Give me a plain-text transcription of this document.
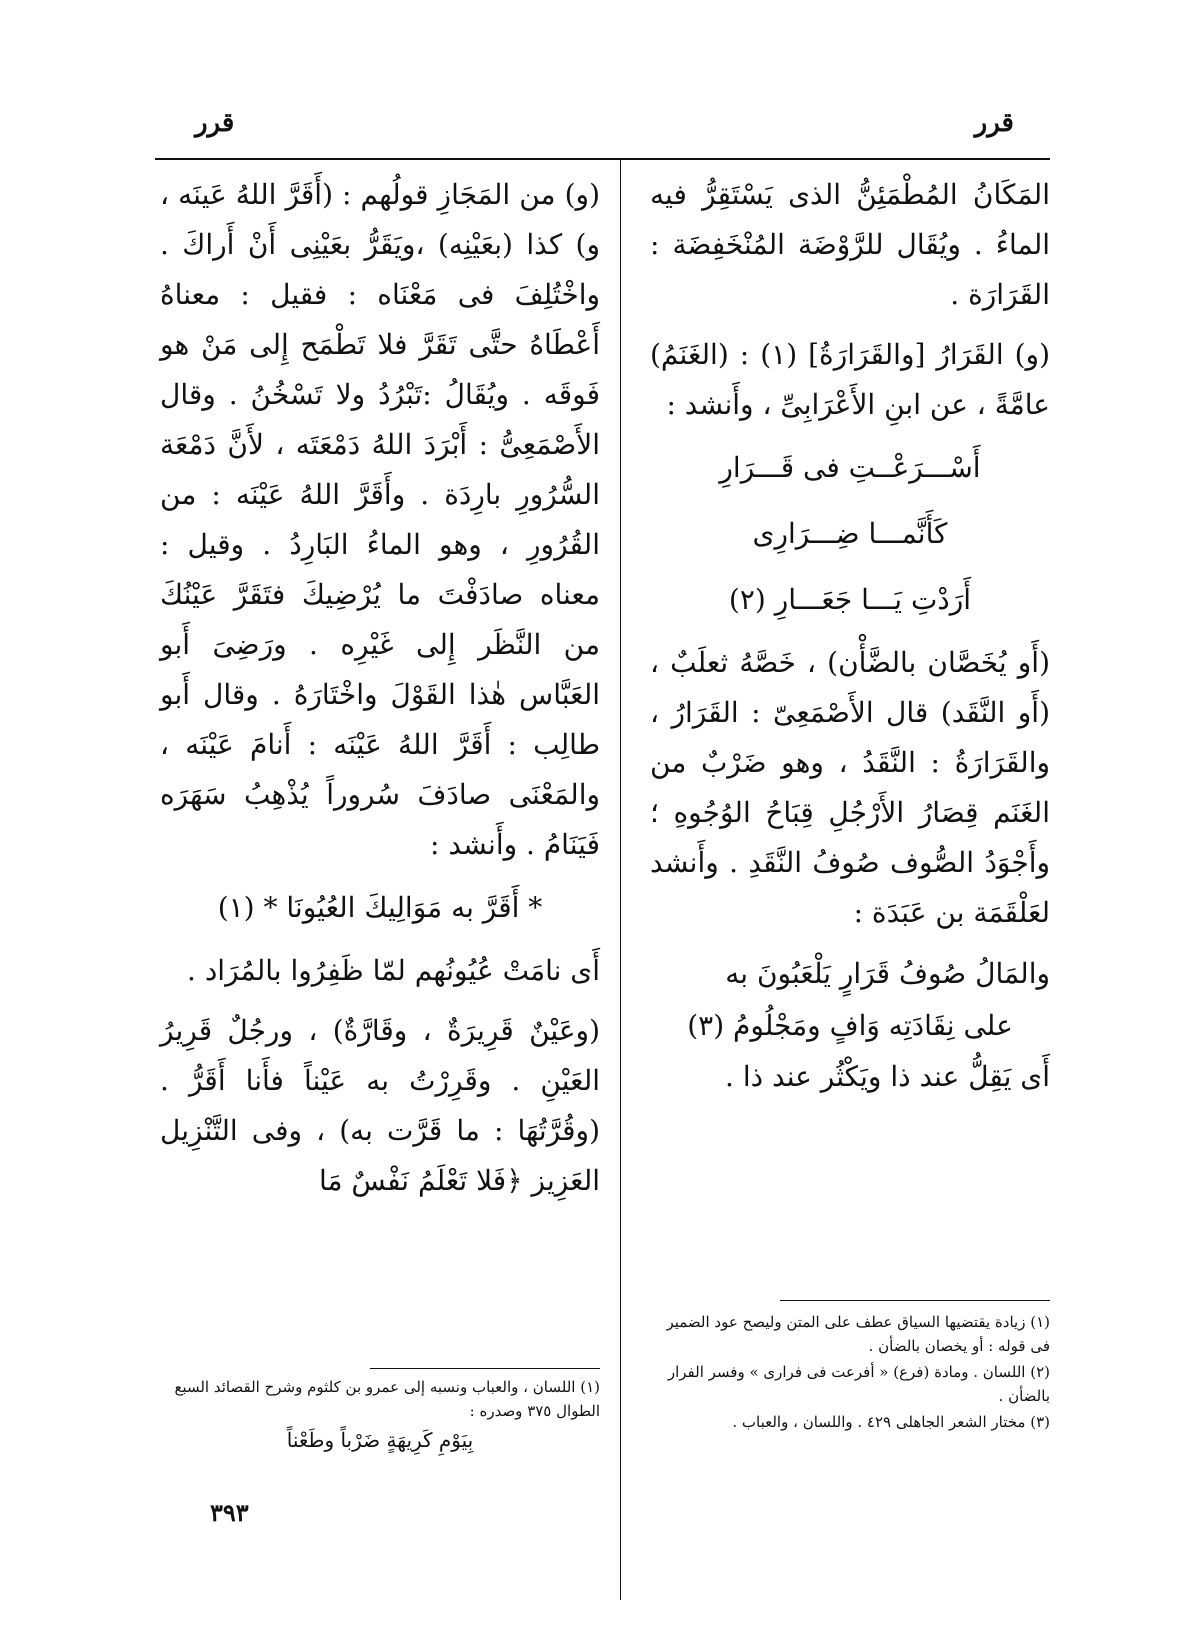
قرر
قرر

المَكَانُ المُطْمَئِنُّ الذى يَسْتَقِرُّ فيه الماءُ . ويُقَال للرَّوْضَة المُنْخَفِضَة : القَرَارَة .

(و) القَرَارُ [والقَرَارَةُ] (١) : (الغَنَمُ) عامَّةً ، عن ابنِ الأَعْرَابِىِّ ، وأَنشد :

أَسْـــرَعْــتِ فى قَـــرَارِ
كَأَنَّمـــا ضِـــرَارِى
أَرَدْتِ يَـــا جَعَـــارِ (٢)

(أَو يُخَصَّان بالضَّأْن) ، خَصَّهُ ثعلَبٌ ، (أَو النَّقَد) قال الأَصْمَعِىّ : القَرَارُ ، والقَرَارَةُ : النَّقَدُ ، وهو ضَرْبٌ من الغَنَم قِصَارُ الأَرْجُلِ قِبَاحُ الوُجُوهِ ؛ وأَجْوَدُ الصُّوف صُوفُ النَّقَدِ . وأَنشد لعَلْقَمَة بن عَبَدَة :

والمَالُ صُوفُ قَرَارٍ يَلْعَبُونَ به
على نِقَادَتِه وَافٍ ومَجْلُومُ (٣)

أَى يَقِلُّ عند ذا ويَكْثُر عند ذا .

(و) من المَجَازِ قولُهم : (أَقَرَّ اللهُ عَينَه ، و) كذا (بعَيْنِه) ،ويَقَرُّ بعَيْنِى أَنْ أَراكَ . واخْتُلِفَ فى مَعْنَاه : فقيل : معناهُ أَعْطَاهُ حتَّى تَقَرَّ فلا تَطْمَح إِلى مَنْ هو فَوقَه . ويُقَالُ :تَبْرُدُ ولا تَسْخُنُ . وقال الأَصْمَعِىُّ : أَبْرَدَ اللهُ دَمْعَتَه ، لأَنَّ دَمْعَة السُّرُورِ بارِدَة . وأَقَرَّ اللهُ عَيْنَه : من القُرُورِ ، وهو الماءُ البَارِدُ . وقيل : معناه صادَفْتَ ما يُرْضِيكَ فتَقَرَّ عَيْنُكَ من النَّظَر إِلى غَيْرِه . ورَضِىَ أَبو العَبَّاس هٰذا القَوْلَ واخْتَارَهُ . وقال أَبو طالِب : أَقَرَّ اللهُ عَيْنَه : أَنامَ عَيْنَه ، والمَعْنَى صادَفَ سُروراً يُذْهِبُ سَهَرَه فَيَنَامُ . وأَنشد :

* أَقَرَّ به مَوَالِيكَ العُيُونَا * (١)

أَى نامَتْ عُيُونُهم لمّا ظَفِرُوا بالمُرَاد .

(وعَيْنٌ قَرِيرَةٌ ، وقَارَّةٌ) ، ورجُلٌ قَرِيرُ العَيْنِ . وقَرِرْتُ به عَيْناً فأَنا أَقَرُّ . (وقُرَّتُهَا : ما قَرَّت به) ، وفى التَّنْزِيل العَزِيز ﴿فَلا تَعْلَمُ نَفْسٌ مَا

(١) زيادة يقتضيها السياق عطف على المتن وليصح عود الضمير فى قوله : أو يخصان بالضأن .
(٢) اللسان . ومادة (فرع) « أفرعت فى فرارى » وفسر الفرار بالضأن .
(٣) مختار الشعر الجاهلى ٤٢٩ . واللسان ، والعباب .
(١) اللسان ، والعباب ونسبه إلى عمرو بن كلثوم وشرح القصائد السبع الطوال ٣٧٥ وصدره :
بِيَوْمِ كَرِيهَةٍ ضَرْباً وطَعْناً
٣٩٣
